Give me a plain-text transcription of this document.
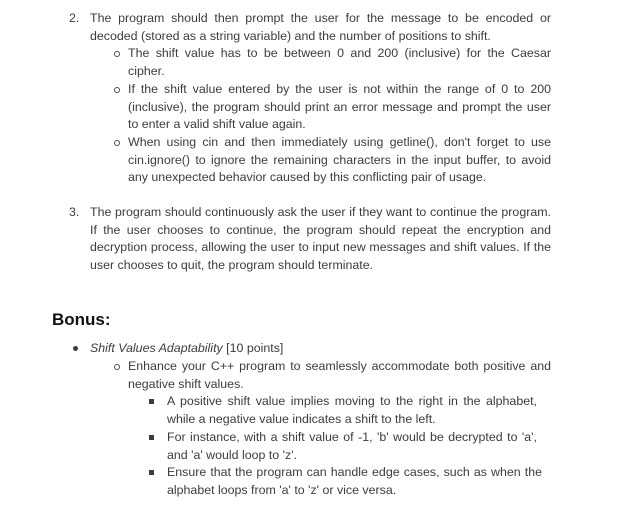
2. The program should then prompt the user for the message to be encoded or decoded (stored as a string variable) and the number of positions to shift.
The shift value has to be between 0 and 200 (inclusive) for the Caesar cipher.
If the shift value entered by the user is not within the range of 0 to 200 (inclusive), the program should print an error message and prompt the user to enter a valid shift value again.
When using cin and then immediately using getline(), don't forget to use cin.ignore() to ignore the remaining characters in the input buffer, to avoid any unexpected behavior caused by this conflicting pair of usage.
3. The program should continuously ask the user if they want to continue the program. If the user chooses to continue, the program should repeat the encryption and decryption process, allowing the user to input new messages and shift values. If the user chooses to quit, the program should terminate.
Bonus:
Shift Values Adaptability [10 points]
Enhance your C++ program to seamlessly accommodate both positive and negative shift values.
A positive shift value implies moving to the right in the alphabet, while a negative value indicates a shift to the left.
For instance, with a shift value of -1, 'b' would be decrypted to 'a', and 'a' would loop to 'z'.
Ensure that the program can handle edge cases, such as when the alphabet loops from 'a' to 'z' or vice versa.
